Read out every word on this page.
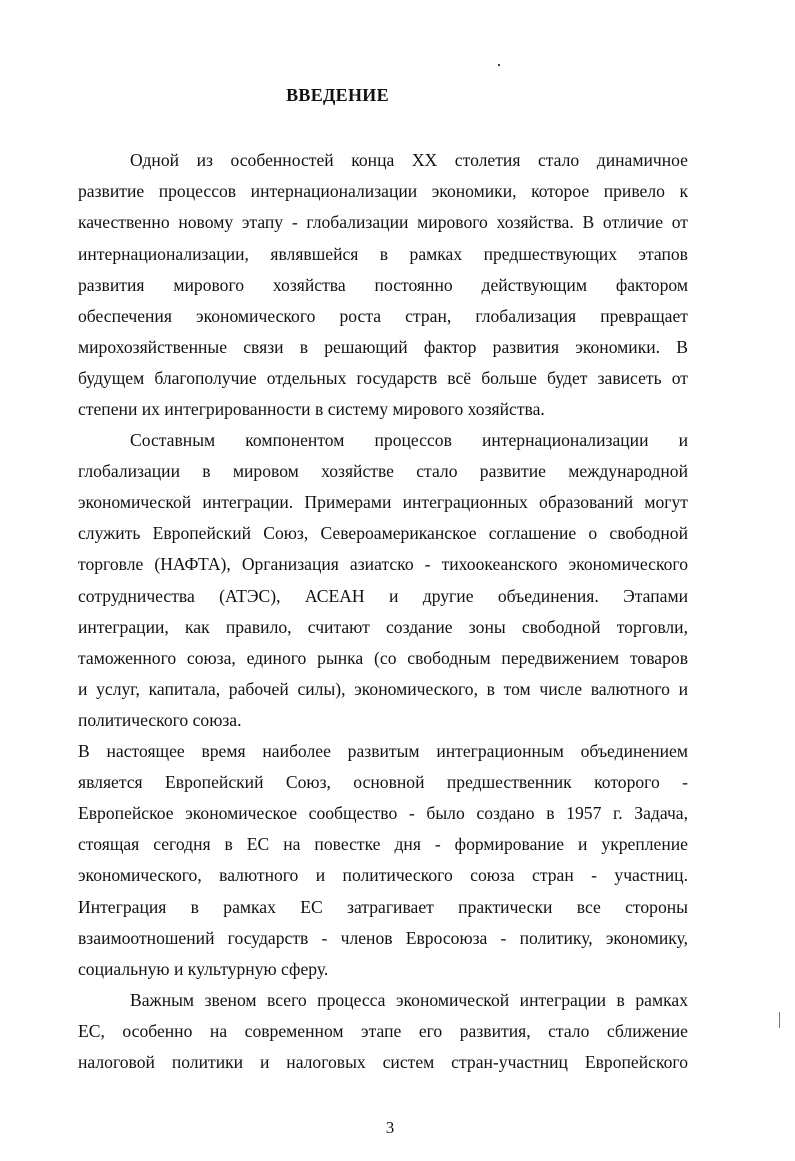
ВВЕДЕНИЕ
Одной из особенностей конца XX столетия стало динамичное
развитие процессов интернационализации экономики, которое привело к
качественно новому этапу - глобализации мирового хозяйства. В отличие от
интернационализации, являвшейся в рамках предшествующих этапов
развития мирового хозяйства постоянно действующим фактором
обеспечения экономического роста стран, глобализация превращает
мирохозяйственные связи в решающий фактор развития экономики. В
будущем благополучие отдельных государств всё больше будет зависеть от
степени их интегрированности в систему мирового хозяйства.
Составным компонентом процессов интернационализации и
глобализации в мировом хозяйстве стало развитие международной
экономической интеграции. Примерами интеграционных образований могут
служить Европейский Союз, Североамериканское соглашение о свободной
торговле (НАФТА), Организация азиатско - тихоокеанского экономического
сотрудничества (АТЭС), АСЕАН и другие объединения. Этапами
интеграции, как правило, считают создание зоны свободной торговли,
таможенного союза, единого рынка (со свободным передвижением товаров
и услуг, капитала, рабочей силы), экономического, в том числе валютного и
политического союза.
В настоящее время наиболее развитым интеграционным объединением
является Европейский Союз, основной предшественник которого -
Европейское экономическое сообщество - было создано в 1957 г. Задача,
стоящая сегодня в ЕС на повестке дня - формирование и укрепление
экономического, валютного и политического союза стран - участниц.
Интеграция в рамках ЕС затрагивает практически все стороны
взаимоотношений государств - членов Евросоюза - политику, экономику,
социальную и культурную сферу.
Важным звеном всего процесса экономической интеграции в рамках
ЕС, особенно на современном этапе его развития, стало сближение
налоговой политики и налоговых систем стран-участниц Европейского
3
